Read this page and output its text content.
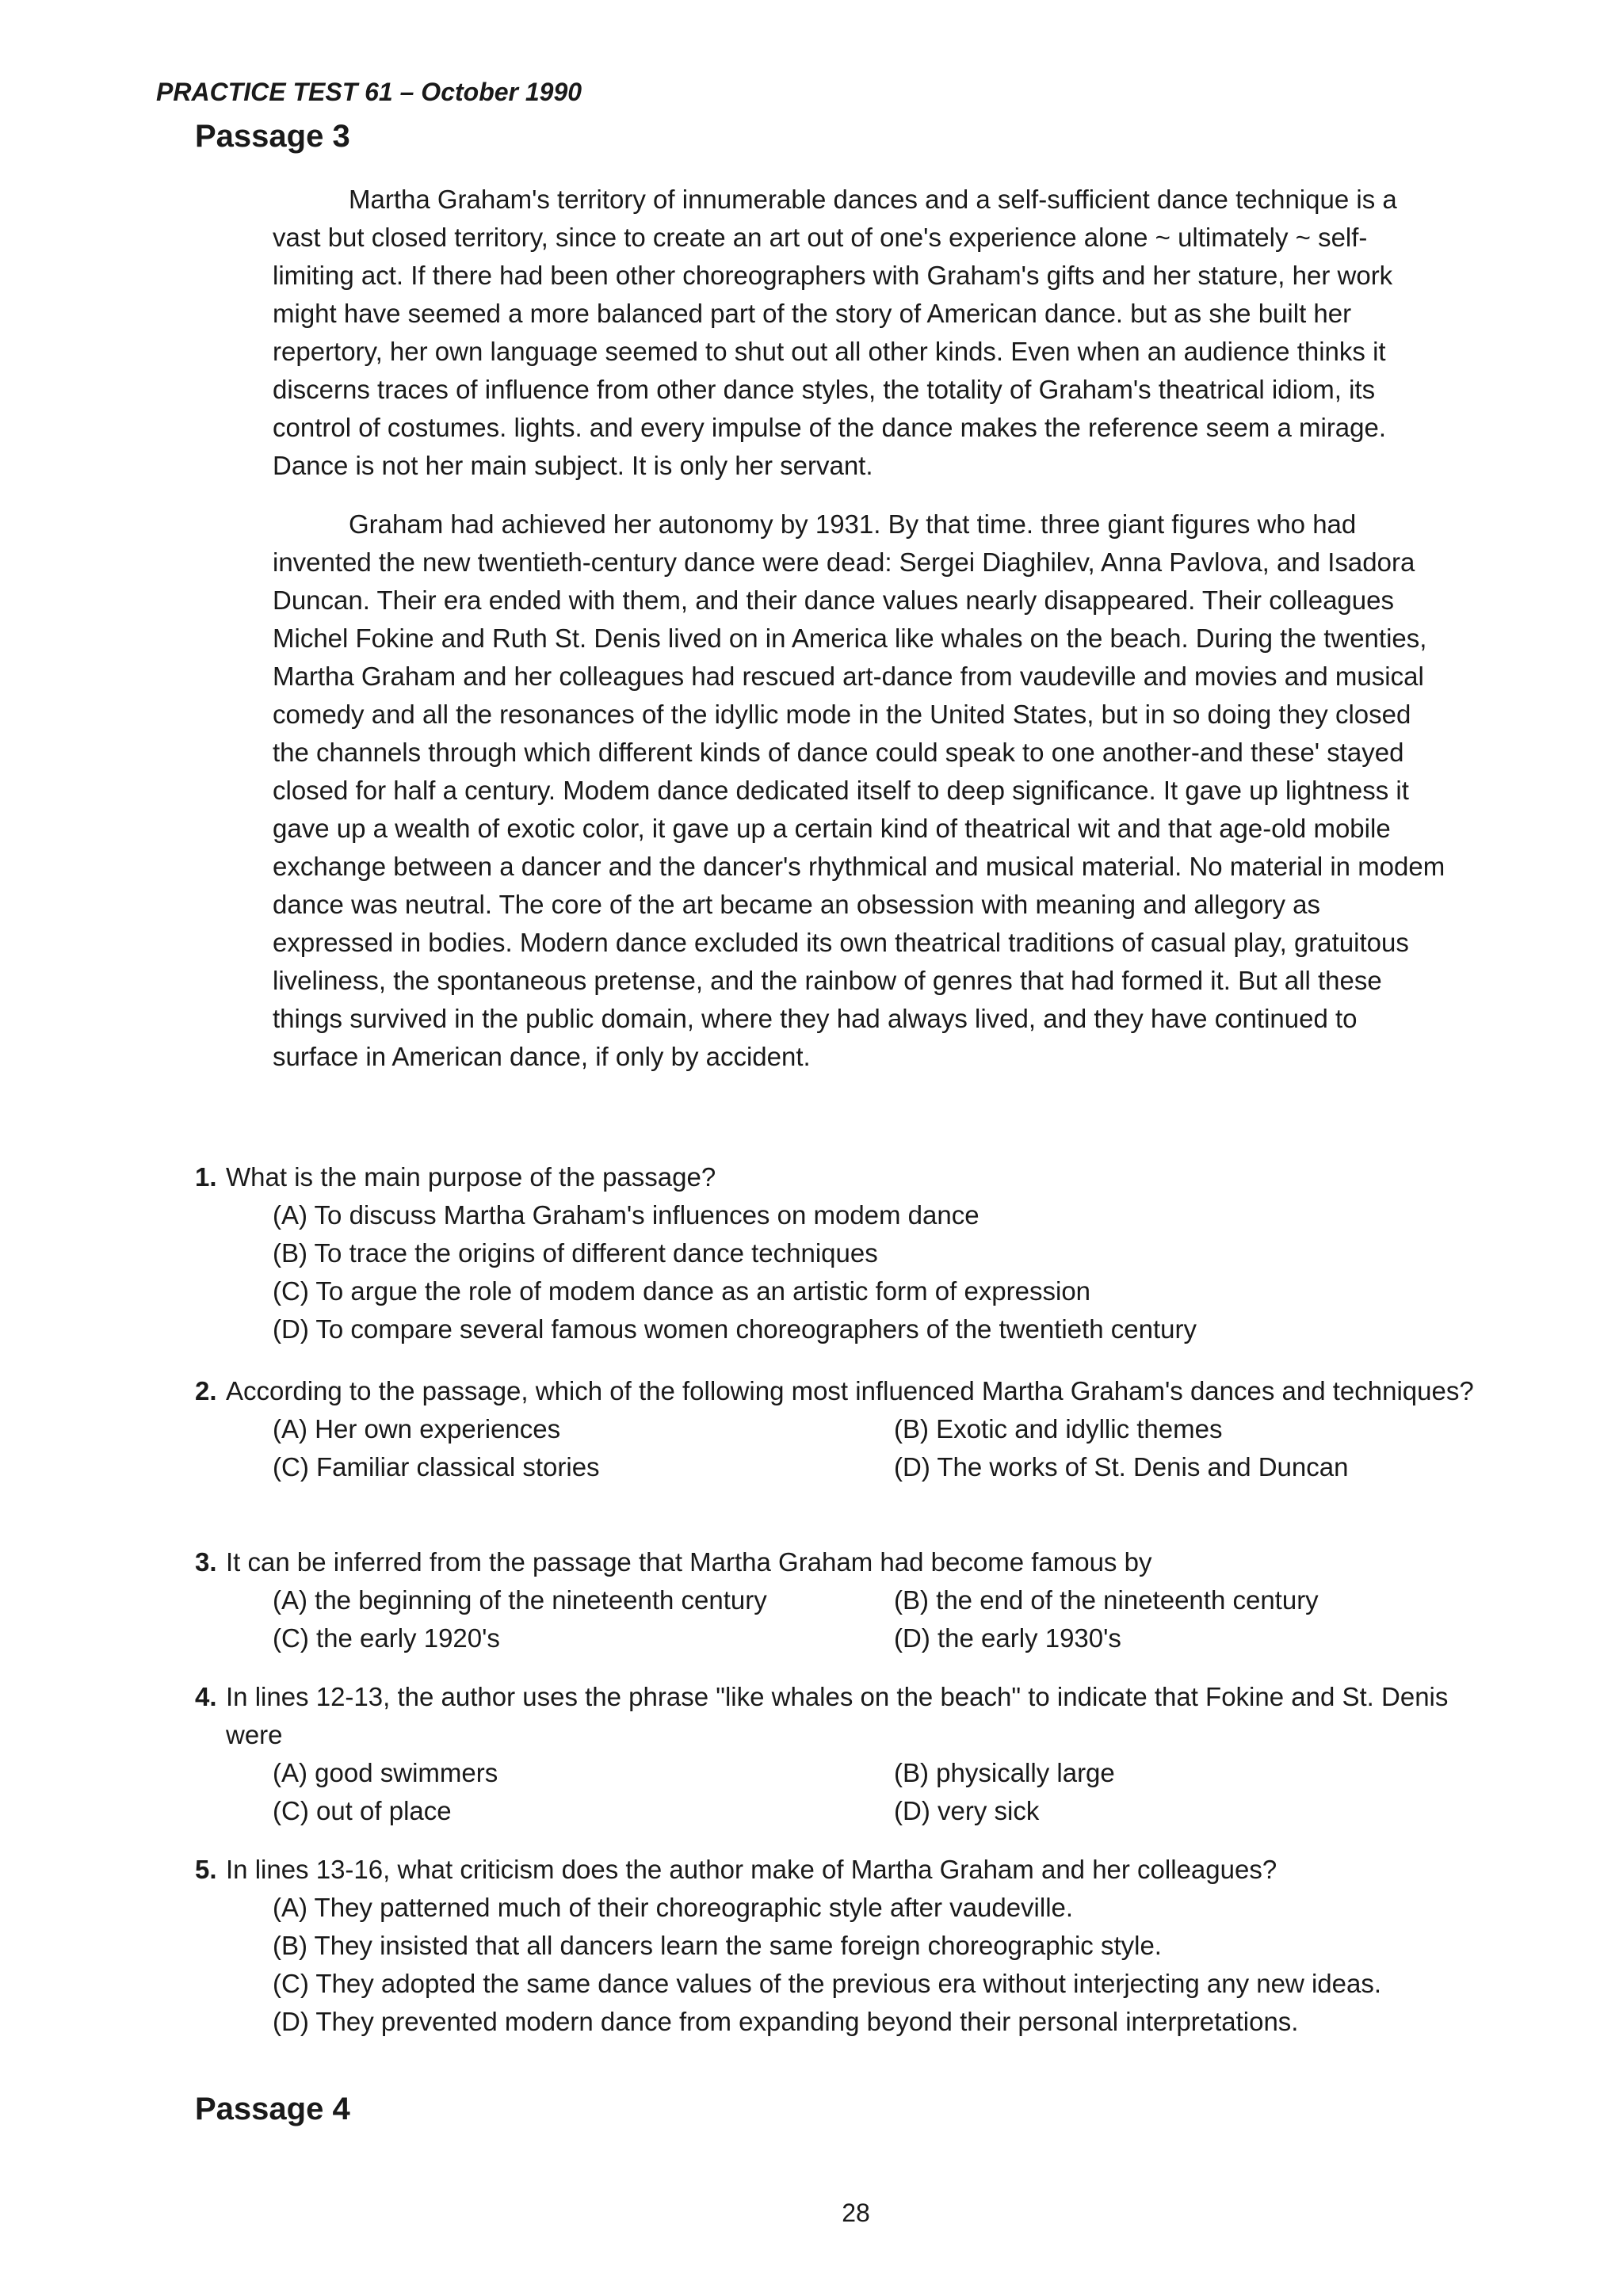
PRACTICE TEST 61 – October 1990

Passage 3

Martha Graham's territory of innumerable dances and a self-sufficient dance technique is a vast but closed territory, since to create an art out of one's experience alone ~ ultimately ~ self-limiting act. If there had been other choreographers with Graham's gifts and her stature, her work might have seemed a more balanced part of the story of American dance. but as she built her repertory, her own language seemed to shut out all other kinds. Even when an audience thinks it discerns traces of influence from other dance styles, the totality of Graham's theatrical idiom, its control of costumes. lights. and every impulse of the dance makes the reference seem a mirage. Dance is not her main subject. It is only her servant.

Graham had achieved her autonomy by 1931. By that time. three giant figures who had invented the new twentieth-century dance were dead: Sergei Diaghilev, Anna Pavlova, and Isadora Duncan. Their era ended with them, and their dance values nearly disappeared. Their colleagues Michel Fokine and Ruth St. Denis lived on in America like whales on the beach. During the twenties, Martha Graham and her colleagues had rescued art-dance from vaudeville and movies and musical comedy and all the resonances of the idyllic mode in the United States, but in so doing they closed the channels through which different kinds of dance could speak to one another-and these' stayed closed for half a century. Modem dance dedicated itself to deep significance. It gave up lightness it gave up a wealth of exotic color, it gave up a certain kind of theatrical wit and that age-old mobile exchange between a dancer and the dancer's rhythmical and musical material. No material in modem dance was neutral. The core of the art became an obsession with meaning and allegory as expressed in bodies. Modern dance excluded its own theatrical traditions of casual play, gratuitous liveliness, the spontaneous pretense, and the rainbow of genres that had formed it. But all these things survived in the public domain, where they had always lived, and they have continued to surface in American dance, if only by accident.

1. What is the main purpose of the passage?
(A) To discuss Martha Graham's influences on modem dance
(B) To trace the origins of different dance techniques
(C) To argue the role of modem dance as an artistic form of expression
(D) To compare several famous women choreographers of the twentieth century
2. According to the passage, which of the following most influenced Martha Graham's dances and techniques?
(A) Her own experiences	(B) Exotic and idyllic themes
(C) Familiar classical stories	(D) The works of St. Denis and Duncan
3. It can be inferred from the passage that Martha Graham had become famous by
(A) the beginning of the nineteenth century	(B) the end of the nineteenth century
(C) the early 1920's	(D) the early 1930's
4. In lines 12-13, the author uses the phrase "like whales on the beach" to indicate that Fokine and St. Denis were
(A) good swimmers	(B) physically large
(C) out of place	(D) very sick
5. In lines 13-16, what criticism does the author make of Martha Graham and her colleagues?
(A) They patterned much of their choreographic style after vaudeville.
(B) They insisted that all dancers learn the same foreign choreographic style.
(C) They adopted the same dance values of the previous era without interjecting any new ideas.
(D) They prevented modern dance from expanding beyond their personal interpretations.
Passage 4

28
